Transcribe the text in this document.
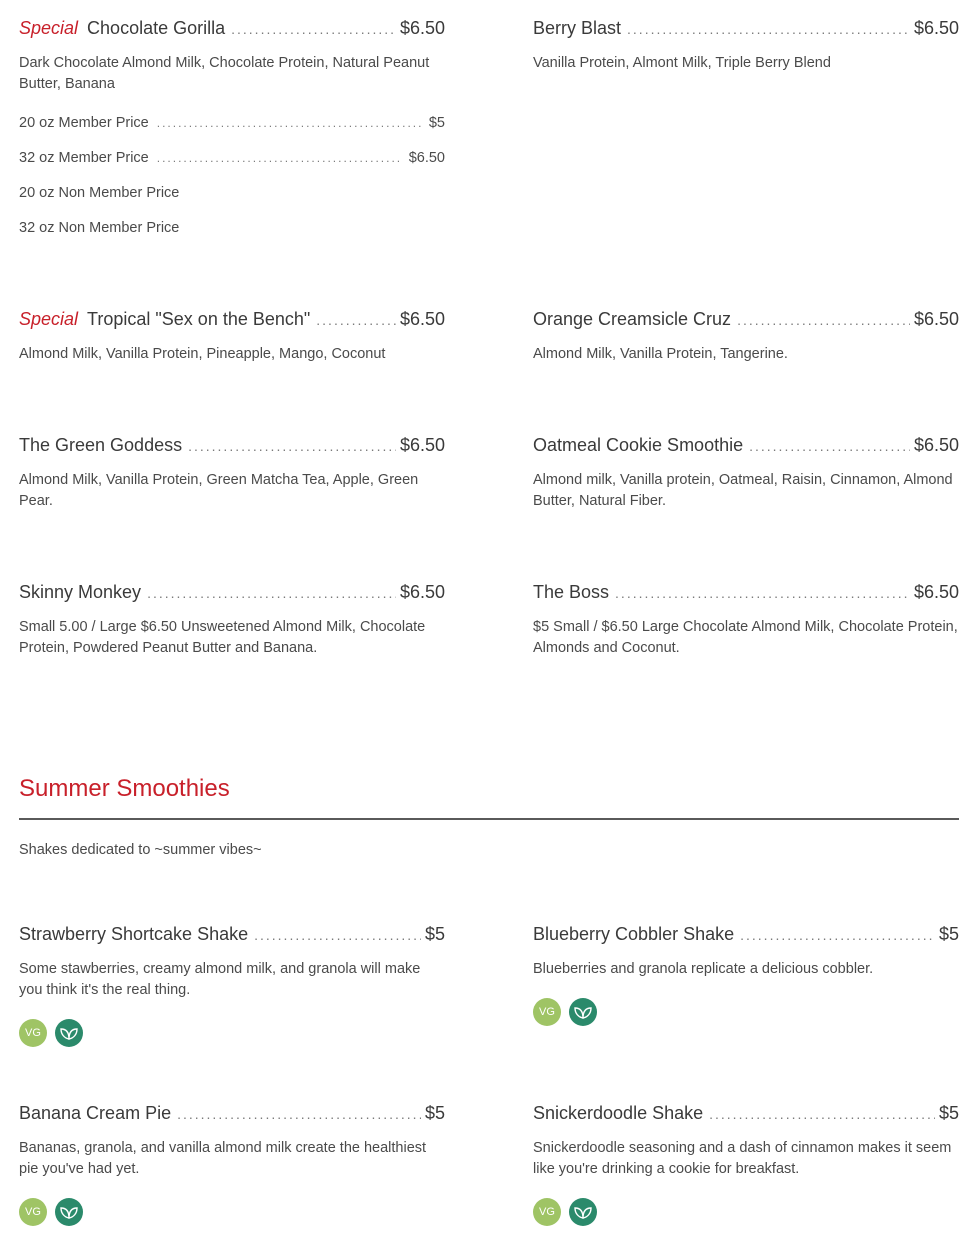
Special Chocolate Gorilla .....	$6.50
Dark Chocolate Almond Milk, Chocolate Protein, Natural Peanut Butter, Banana
20 oz Member Price .....	$5
32 oz Member Price .....	$6.50
20 oz Non Member Price
32 oz Non Member Price
Berry Blast .....	$6.50
Vanilla Protein, Almont Milk, Triple Berry Blend
Special Tropical "Sex on the Bench" .....	$6.50
Almond Milk, Vanilla Protein, Pineapple, Mango, Coconut
Orange Creamsicle Cruz .....	$6.50
Almond Milk, Vanilla Protein, Tangerine.
The Green Goddess .....	$6.50
Almond Milk, Vanilla Protein, Green Matcha Tea, Apple, Green Pear.
Oatmeal Cookie Smoothie .....	$6.50
Almond milk, Vanilla protein, Oatmeal, Raisin, Cinnamon, Almond Butter, Natural Fiber.
Skinny Monkey .....	$6.50
Small 5.00 / Large $6.50 Unsweetened Almond Milk, Chocolate Protein, Powdered Peanut Butter and Banana.
The Boss .....	$6.50
$5 Small / $6.50 Large Chocolate Almond Milk, Chocolate Protein, Almonds and Coconut.
Summer Smoothies
Shakes dedicated to ~summer vibes~
Strawberry Shortcake Shake .....	$5
Some stawberries, creamy almond milk, and granola will make you think it's the real thing.
VG
Blueberry Cobbler Shake .....	$5
Blueberries and granola replicate a delicious cobbler.
VG
Banana Cream Pie .....	$5
Bananas, granola, and vanilla almond milk create the healthiest pie you've had yet.
VG
Snickerdoodle Shake .....	$5
Snickerdoodle seasoning and a dash of cinnamon makes it seem like you're drinking a cookie for breakfast.
VG
